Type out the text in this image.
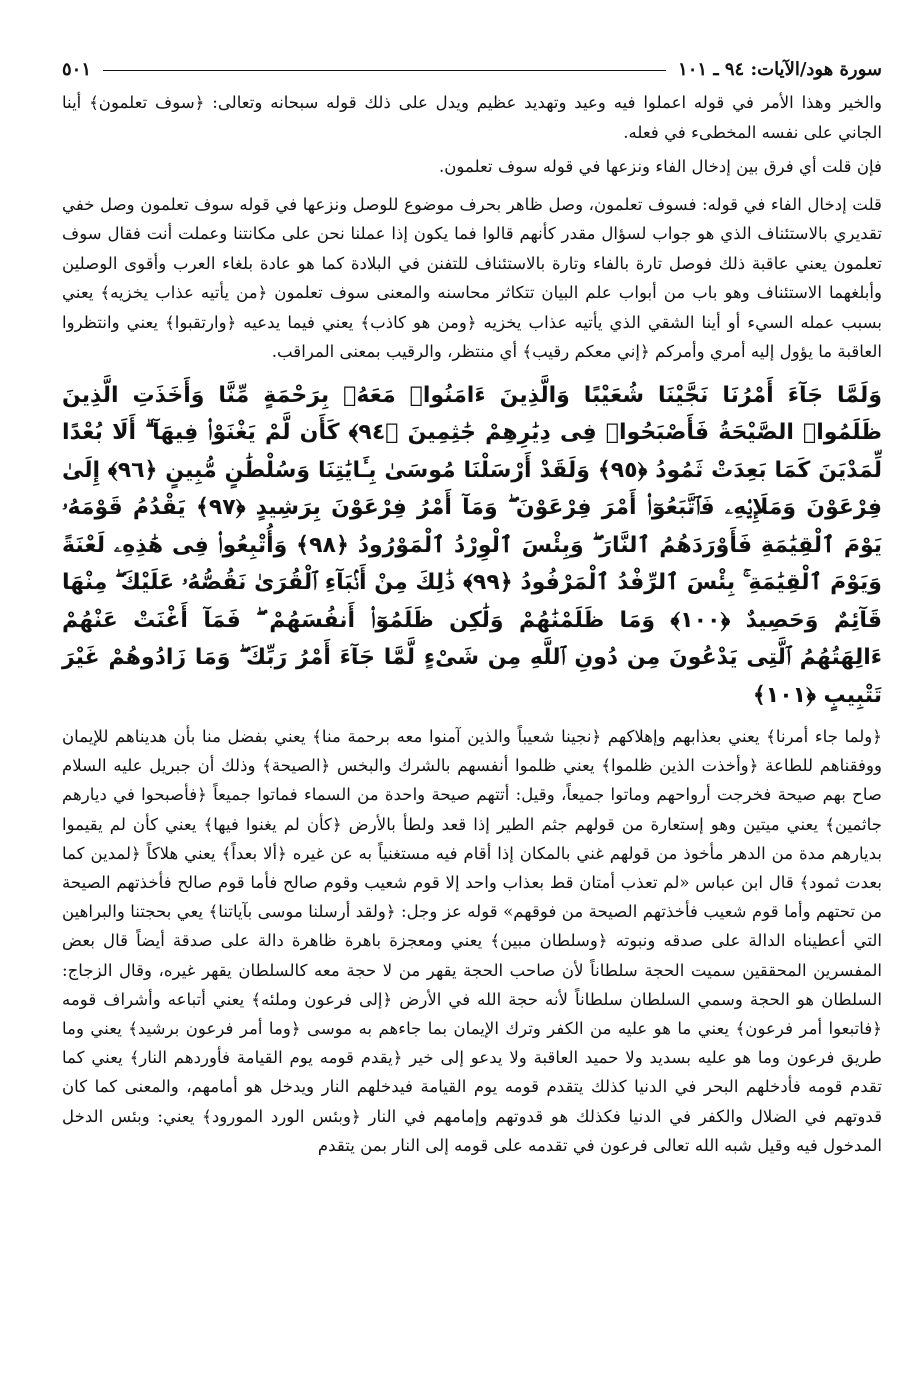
سورة هود/الآيات: ٩٤ ـ ١٠١
٥٠١

والخير وهذا الأمر في قوله اعملوا فيه وعيد وتهديد عظيم ويدل على ذلك قوله سبحانه وتعالى: ﴿سوف تعلمون﴾ أينا الجاني على نفسه المخطىء في فعله.

فإن قلت أي فرق بين إدخال الفاء ونزعها في قوله سوف تعلمون.

قلت إدخال الفاء في قوله: فسوف تعلمون، وصل ظاهر بحرف موضوع للوصل ونزعها في قوله سوف تعلمون وصل خفي تقديري بالاستئناف الذي هو جواب لسؤال مقدر كأنهم قالوا فما يكون إذا عملنا نحن على مكانتنا وعملت أنت فقال سوف تعلمون يعني عاقبة ذلك فوصل تارة بالفاء وتارة بالاستئناف للتفنن في البلادة كما هو عادة بلغاء العرب وأقوى الوصلين وأبلغهما الاستئناف وهو باب من أبواب علم البيان تتكاثر محاسنه والمعنى سوف تعلمون ﴿من يأتيه عذاب يخزيه﴾ يعني بسبب عمله السيء أو أينا الشقي الذي يأتيه عذاب يخزيه ﴿ومن هو كاذب﴾ يعني فيما يدعيه ﴿وارتقبوا﴾ يعني وانتظروا العاقبة ما يؤول إليه أمري وأمركم ﴿إني معكم رقيب﴾ أي منتظر، والرقيب بمعنى المراقب.

وَلَمَّا جَآءَ أَمْرُنَا نَجَّيْنَا شُعَيْبًا وَالَّذِينَ ءَامَنُوا۟ مَعَهُۥ بِرَحْمَةٍ مِّنَّا وَأَخَذَتِ الَّذِينَ ظَلَمُوا۟ الصَّيْحَةُ فَأَصْبَحُوا۟ فِى دِيَٰرِهِمْ جَٰثِمِينَ ﴿٩٤﴾ كَأَن لَّمْ يَغْنَوْا۟ فِيهَآ ۗ أَلَا بُعْدًا لِّمَدْيَنَ كَمَا بَعِدَتْ ثَمُودُ ﴿٩٥﴾ وَلَقَدْ أَرْسَلْنَا مُوسَىٰ بِـَٔايَٰتِنَا وَسُلْطَٰنٍ مُّبِينٍ ﴿٩٦﴾ إِلَىٰ فِرْعَوْنَ وَمَلَإِي۟هِۦ فَٱتَّبَعُوٓا۟ أَمْرَ فِرْعَوْنَ ۖ وَمَآ أَمْرُ فِرْعَوْنَ بِرَشِيدٍ ﴿٩٧﴾ يَقْدُمُ قَوْمَهُۥ يَوْمَ ٱلْقِيَٰمَةِ فَأَوْرَدَهُمُ ٱلنَّارَ ۖ وَبِئْسَ ٱلْوِرْدُ ٱلْمَوْرُودُ ﴿٩٨﴾ وَأُتْبِعُوا۟ فِى هَٰذِهِۦ لَعْنَةً وَيَوْمَ ٱلْقِيَٰمَةِ ۚ بِئْسَ ٱلرِّفْدُ ٱلْمَرْفُودُ ﴿٩٩﴾ ذَٰلِكَ مِنْ أَنۢبَآءِ ٱلْقُرَىٰ نَقُصُّهُۥ عَلَيْكَ ۖ مِنْهَا قَآئِمٌ وَحَصِيدٌ ﴿١٠٠﴾ وَمَا ظَلَمْنَٰهُمْ وَلَٰكِن ظَلَمُوٓا۟ أَنفُسَهُمْ ۖ فَمَآ أَغْنَتْ عَنْهُمْ ءَالِهَتُهُمُ ٱلَّتِى يَدْعُونَ مِن دُونِ ٱللَّهِ مِن شَىْءٍ لَّمَّا جَآءَ أَمْرُ رَبِّكَ ۖ وَمَا زَادُوهُمْ غَيْرَ تَتْبِيبٍ ﴿١٠١﴾

﴿ولما جاء أمرنا﴾ يعني بعذابهم وإهلاكهم ﴿نجينا شعيباً والذين آمنوا معه برحمة منا﴾ يعني بفضل منا بأن هديناهم للإيمان ووفقناهم للطاعة ﴿وأخذت الذين ظلموا﴾ يعني ظلموا أنفسهم بالشرك والبخس ﴿الصيحة﴾ وذلك أن جبريل عليه السلام صاح بهم صيحة فخرجت أرواحهم وماتوا جميعاً، وقيل: أتتهم صيحة واحدة من السماء فماتوا جميعاً ﴿فأصبحوا في ديارهم جاثمين﴾ يعني ميتين وهو إستعارة من قولهم جثم الطير إذا قعد ولطأ بالأرض ﴿كأن لم يغنوا فيها﴾ يعني كأن لم يقيموا بديارهم مدة من الدهر مأخوذ من قولهم غني بالمكان إذا أقام فيه مستغنياً به عن غيره ﴿ألا بعداً﴾ يعني هلاكاً ﴿لمدين كما بعدت ثمود﴾ قال ابن عباس «لم تعذب أمتان قط بعذاب واحد إلا قوم شعيب وقوم صالح فأما قوم صالح فأخذتهم الصيحة من تحتهم وأما قوم شعيب فأخذتهم الصيحة من فوقهم» قوله عز وجل: ﴿ولقد أرسلنا موسى بآياتنا﴾ يعي بحجتنا والبراهين التي أعطيناه الدالة على صدقه ونبوته ﴿وسلطان مبين﴾ يعني ومعجزة باهرة ظاهرة دالة على صدقة أيضاً قال بعض المفسرين المحققين سميت الحجة سلطاناً لأن صاحب الحجة يقهر من لا حجة معه كالسلطان يقهر غيره، وقال الزجاج: السلطان هو الحجة وسمي السلطان سلطاناً لأنه حجة الله في الأرض ﴿إلى فرعون وملئه﴾ يعني أتباعه وأشراف قومه ﴿فاتبعوا أمر فرعون﴾ يعني ما هو عليه من الكفر وترك الإيمان بما جاءهم به موسى ﴿وما أمر فرعون برشيد﴾ يعني وما طريق فرعون وما هو عليه بسديد ولا حميد العاقبة ولا يدعو إلى خير ﴿يقدم قومه يوم القيامة فأوردهم النار﴾ يعني كما تقدم قومه فأدخلهم البحر في الدنيا كذلك يتقدم قومه يوم القيامة فيدخلهم النار ويدخل هو أمامهم، والمعنى كما كان قدوتهم في الضلال والكفر في الدنيا فكذلك هو قدوتهم وإمامهم في النار ﴿وبئس الورد المورود﴾ يعني: وبئس الدخل المدخول فيه وقيل شبه الله تعالى فرعون في تقدمه على قومه إلى النار بمن يتقدم
